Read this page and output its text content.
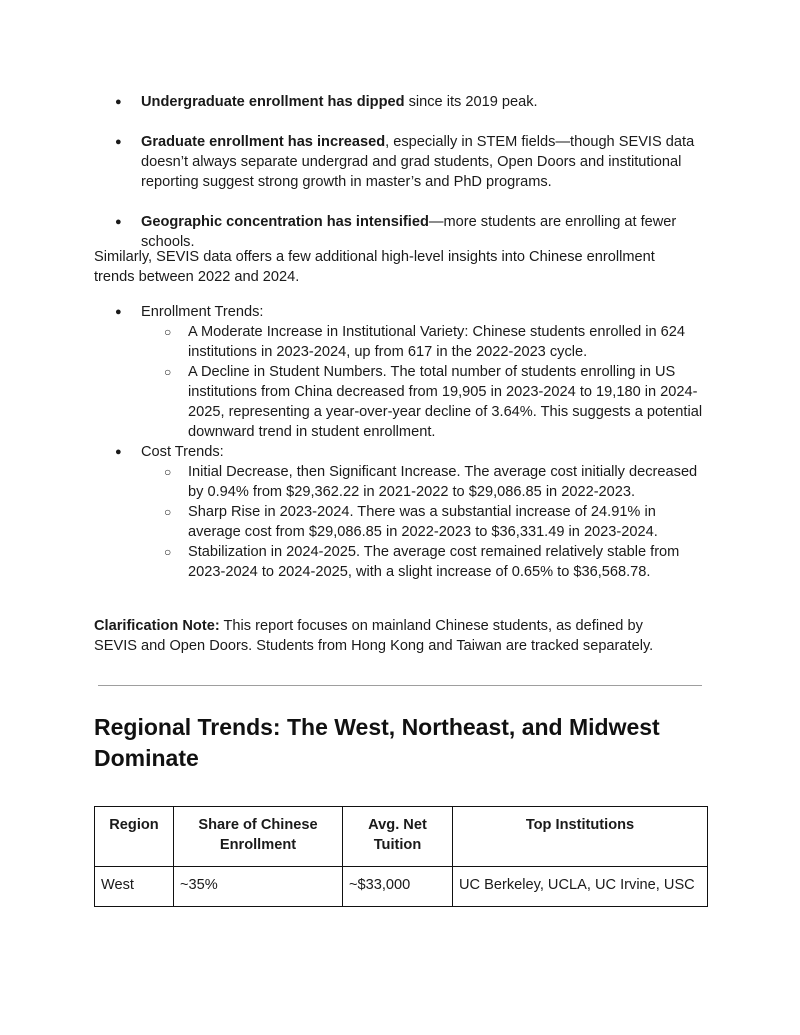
● Undergraduate enrollment has dipped since its 2019 peak.
● Graduate enrollment has increased, especially in STEM fields—though SEVIS data doesn’t always separate undergrad and grad students, Open Doors and institutional reporting suggest strong growth in master’s and PhD programs.
● Geographic concentration has intensified—more students are enrolling at fewer schools.

Similarly, SEVIS data offers a few additional high-level insights into Chinese enrollment trends between 2022 and 2024.

● Enrollment Trends:
○ A Moderate Increase in Institutional Variety: Chinese students enrolled in 624 institutions in 2023-2024, up from 617 in the 2022-2023 cycle.
○ A Decline in Student Numbers. The total number of students enrolling in US institutions from China decreased from 19,905 in 2023-2024 to 19,180 in 2024-2025, representing a year-over-year decline of 3.64%. This suggests a potential downward trend in student enrollment.
● Cost Trends:
○ Initial Decrease, then Significant Increase. The average cost initially decreased by 0.94% from $29,362.22 in 2021-2022 to $29,086.85 in 2022-2023.
○ Sharp Rise in 2023-2024. There was a substantial increase of 24.91% in average cost from $29,086.85 in 2022-2023 to $36,331.49 in 2023-2024.
○ Stabilization in 2024-2025. The average cost remained relatively stable from 2023-2024 to 2024-2025, with a slight increase of 0.65% to $36,568.78.

Clarification Note: This report focuses on mainland Chinese students, as defined by SEVIS and Open Doors. Students from Hong Kong and Taiwan are tracked separately.

Regional Trends: The West, Northeast, and Midwest Dominate
Region	Share of Chinese Enrollment	Avg. Net Tuition	Top Institutions
West	~35%	~$33,000	UC Berkeley, UCLA, UC Irvine, USC
